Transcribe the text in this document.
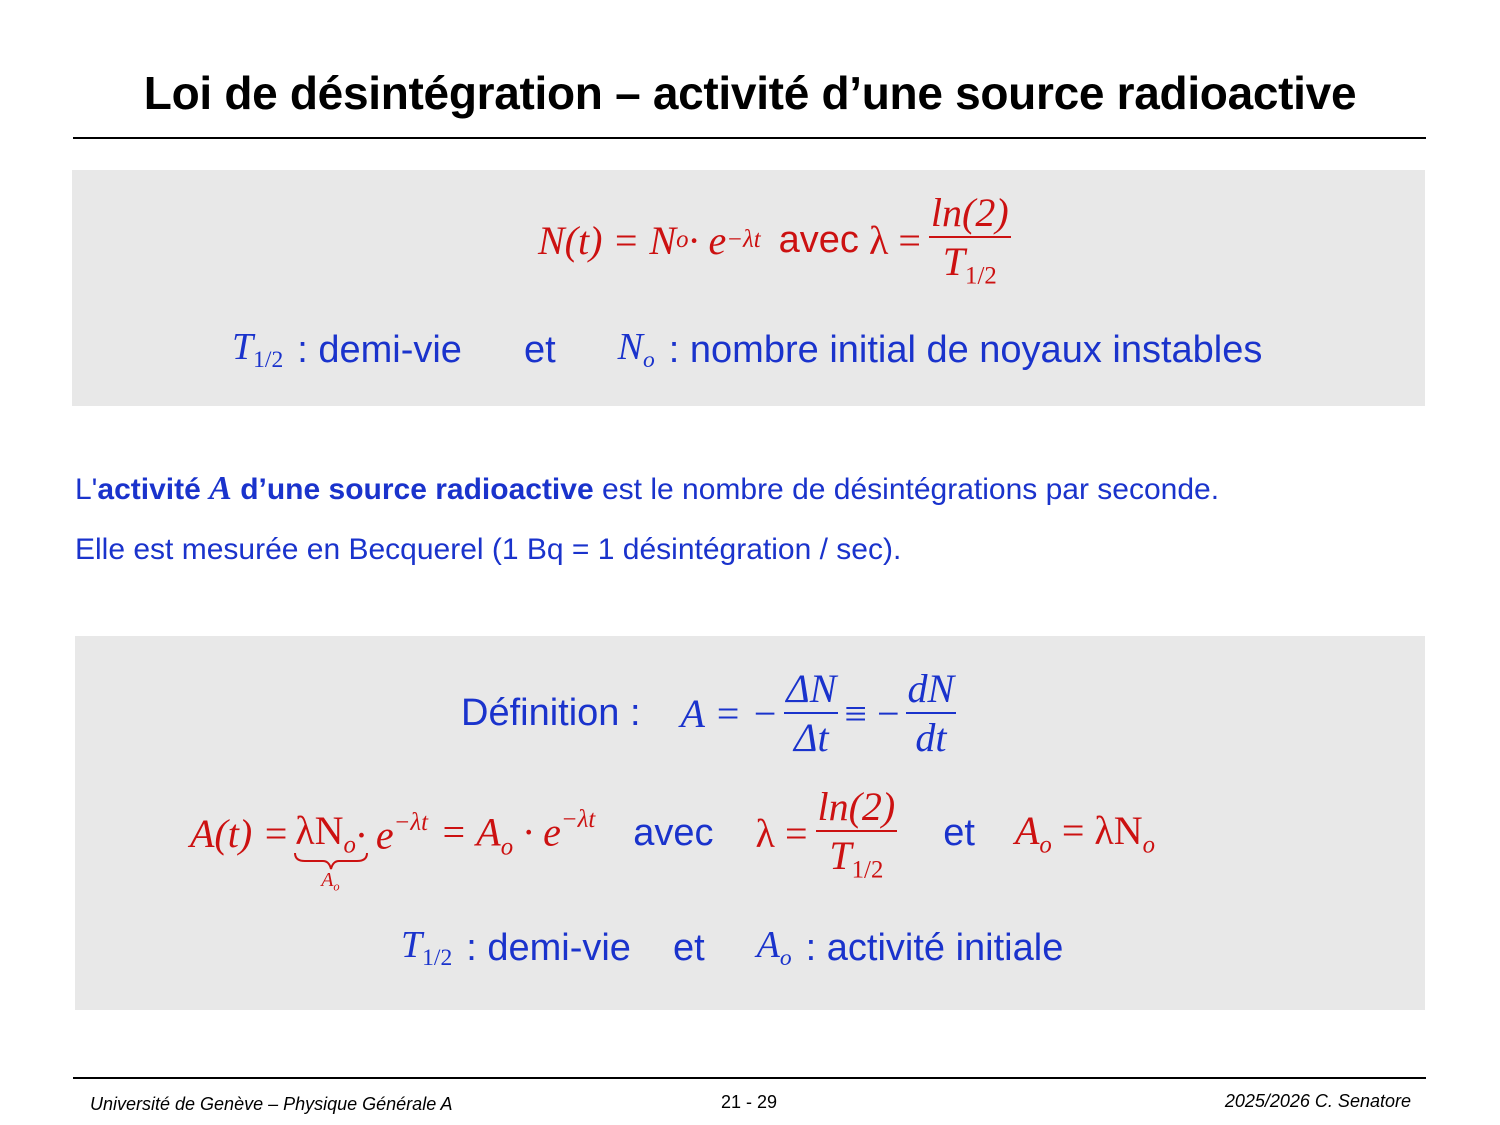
Loi de désintégration – activité d’une source radioactive
N(t) = N o · e −λt avec $\lambda = \frac{\ln(2)}{T_{1/2}}$
$T_{1/2}$ : demi-vie et $N_o$ : nombre initial de noyaux instables
L'activité A d’une source radioactive est le nombre de désintégrations par seconde.
Elle est mesurée en Becquerel (1 Bq = 1 désintégration / sec).
Définition : A = − $\frac{\Delta N}{\Delta t}$ ≡ − $\frac{dN}{dt}$
$A(t) = \lambda N_o$
$A_o$
· $e^{-\lambda t} = A_o \cdot e^{-\lambda t}$ avec $\lambda = \frac{\ln(2)}{T_{1/2}}$ et $A_o = \lambda N_o$
$T_{1/2}$ : demi-vie et $A_o$ : activité initiale
Université de Genève – Physique Générale A	21 - 29	2025/2026 C. Senatore
